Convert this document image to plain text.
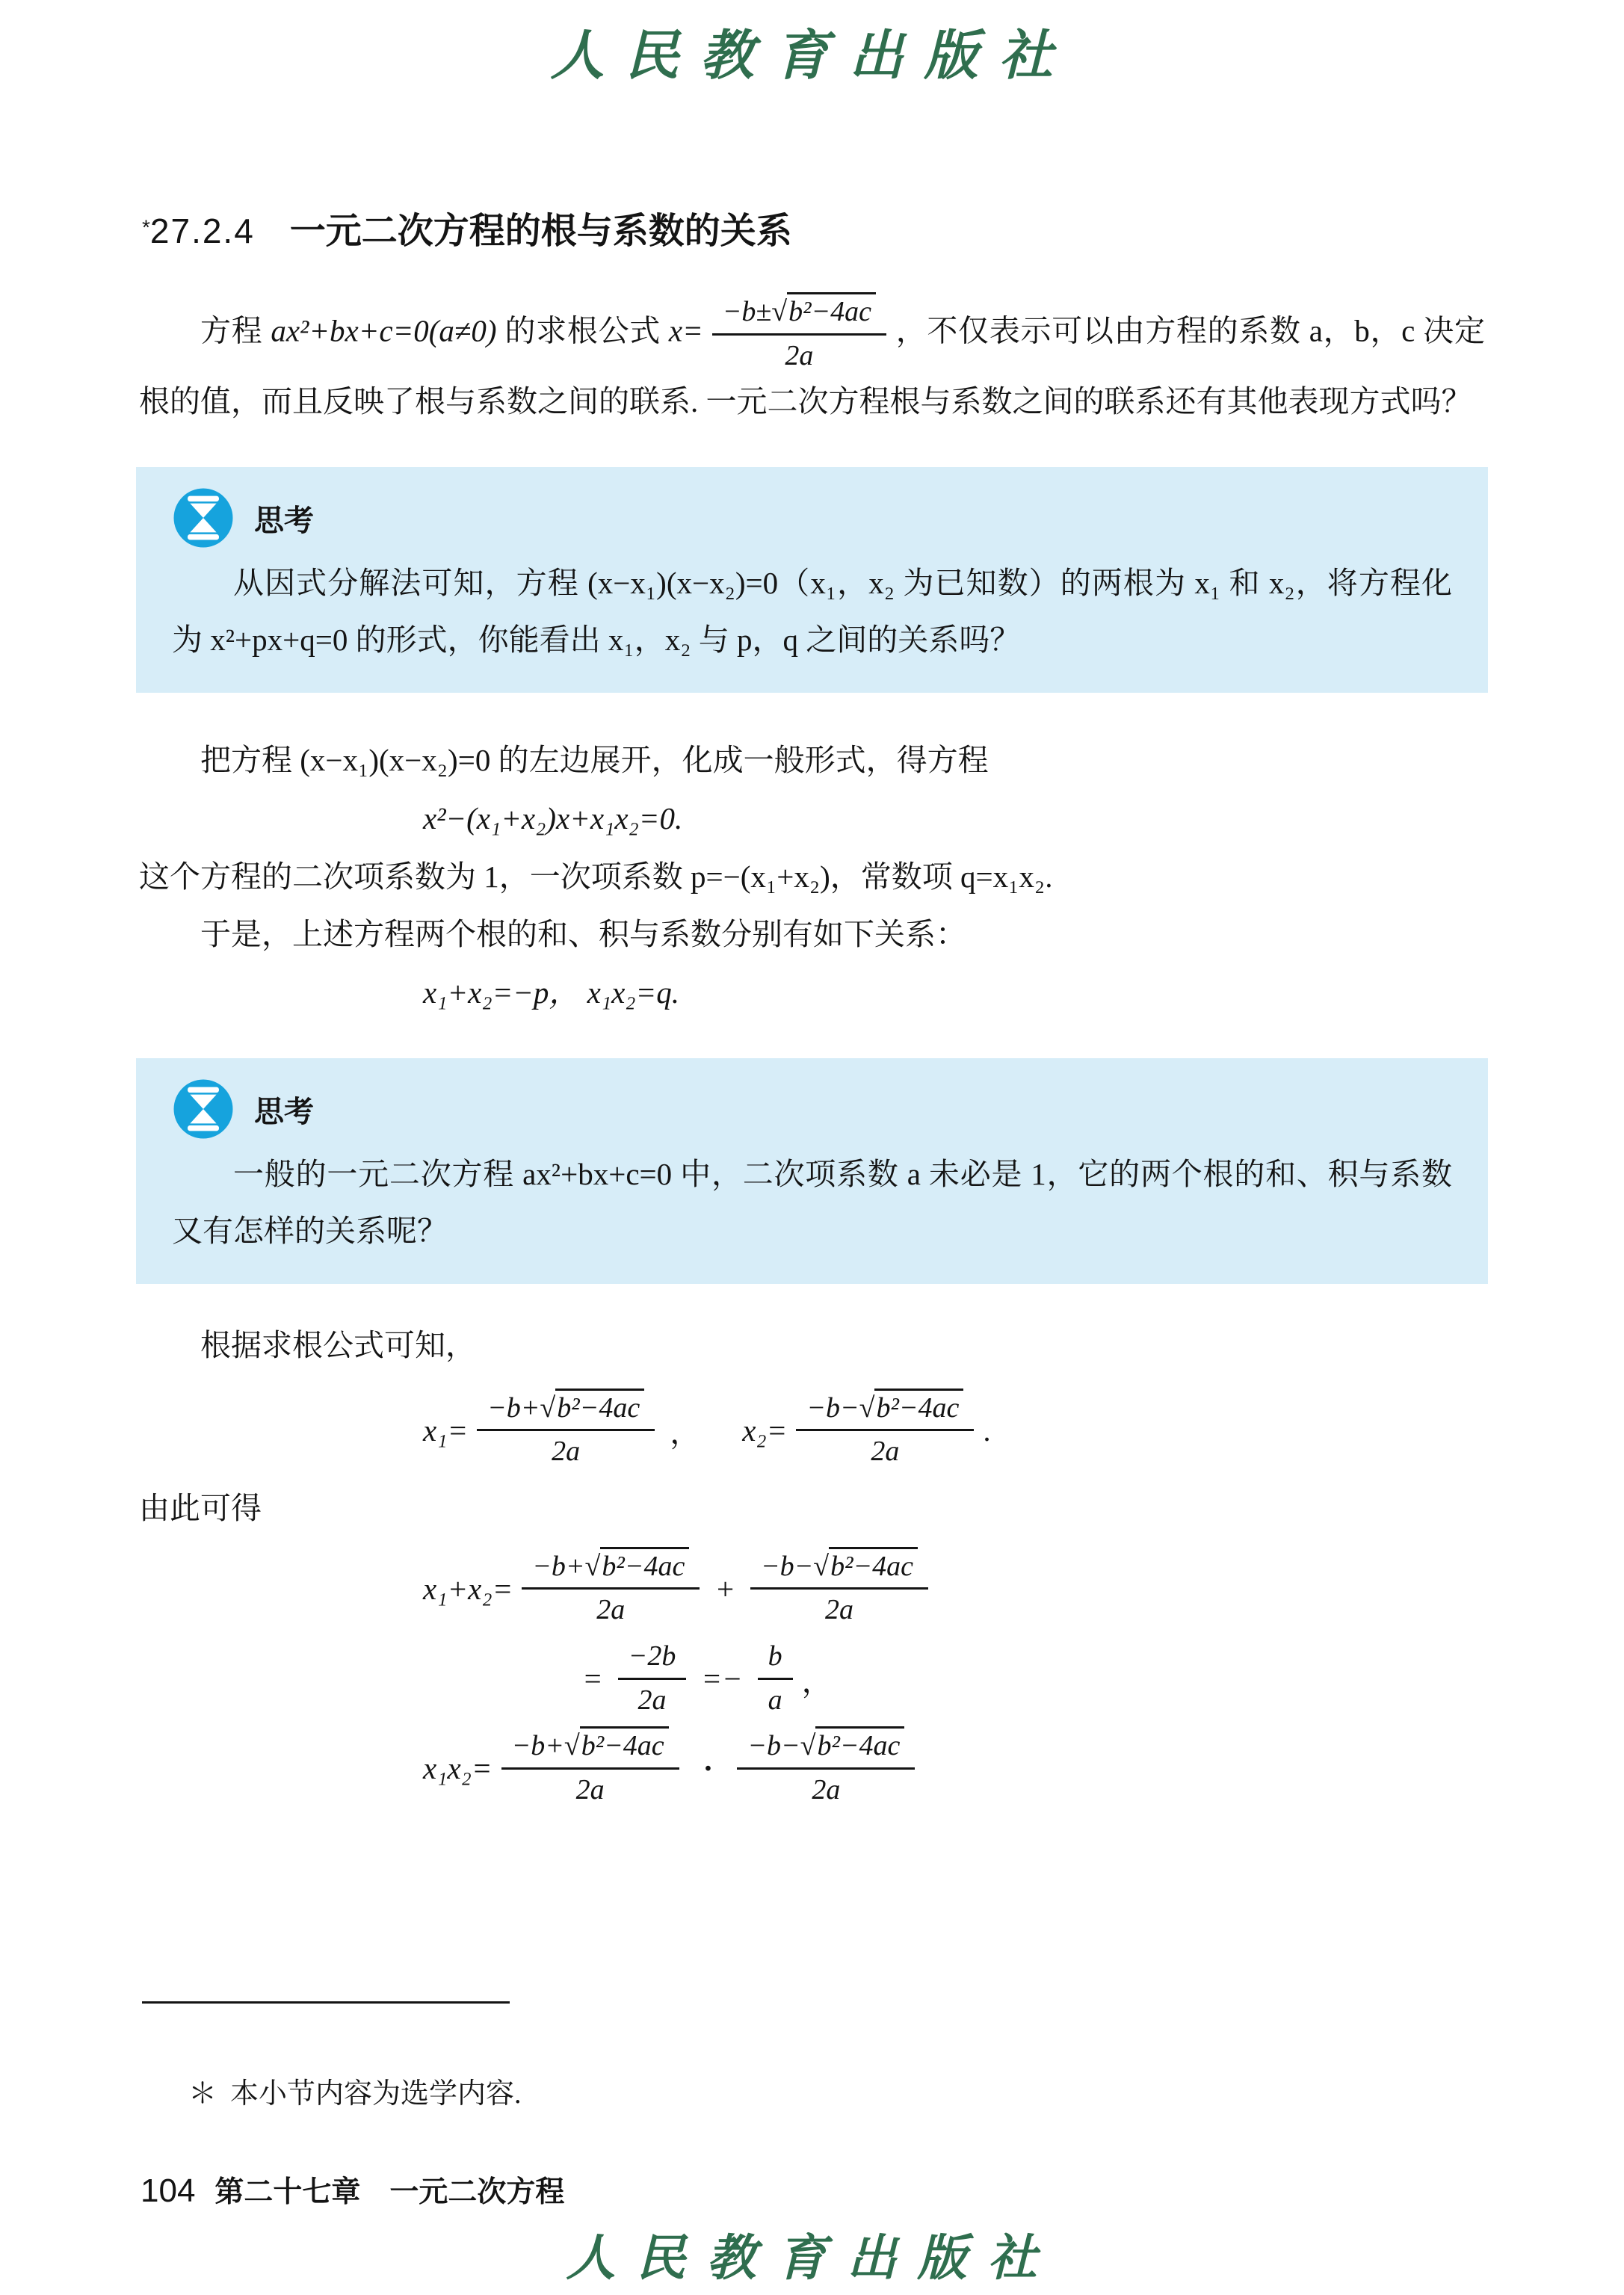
人民教育出版社
*27.2.4 一元二次方程的根与系数的关系

方程 ax²+bx+c=0(a≠0) 的求根公式 $x= \frac{\text{−b±√b²−4ac}}{2a}$ ，不仅表示可以由方程的系数 a，b，c 决定根的值，而且反映了根与系数之间的联系. 一元二次方程根与系数之间的联系还有其他表现方式吗？

思考

从因式分解法可知，方程 (x−x₁)(x−x₂)=0（x₁，x₂ 为已知数）的两根为 x₁ 和 x₂，将方程化为 x²+px+q=0 的形式，你能看出 x₁，x₂ 与 p，q 之间的关系吗？

把方程 (x−x₁)(x−x₂)=0 的左边展开，化成一般形式，得方程

x²−(x₁+x₂)x+x₁x₂=0.

这个方程的二次项系数为 1，一次项系数 p=−(x₁+x₂)，常数项 q=x₁x₂.

于是，上述方程两个根的和、积与系数分别有如下关系：

x₁+x₂=−p， x₁x₂=q.

思考

一般的一元二次方程 ax²+bx+c=0 中，二次项系数 a 未必是 1，它的两个根的和、积与系数又有怎样的关系呢？

根据求根公式可知，

$x_1= \frac{\text{−b+√b²−4ac}}{2a}$ ， $x_2= \frac{\text{−b−√b²−4ac}}{2a}$ .

由此可得

$x_1+x_2= \frac{\text{−b+√b²−4ac}}{2a} + \frac{\text{−b−√b²−4ac}}{2a}$
= $\frac{-2b}{2a} =- \frac{b}{a}$ ，
$x_1x_2= \frac{\text{−b+√b²−4ac}}{2a} \cdot \frac{\text{−b−√b²−4ac}}{2a}$

＊ 本小节内容为选学内容.

104 第二十七章　一元二次方程
人民教育出版社
